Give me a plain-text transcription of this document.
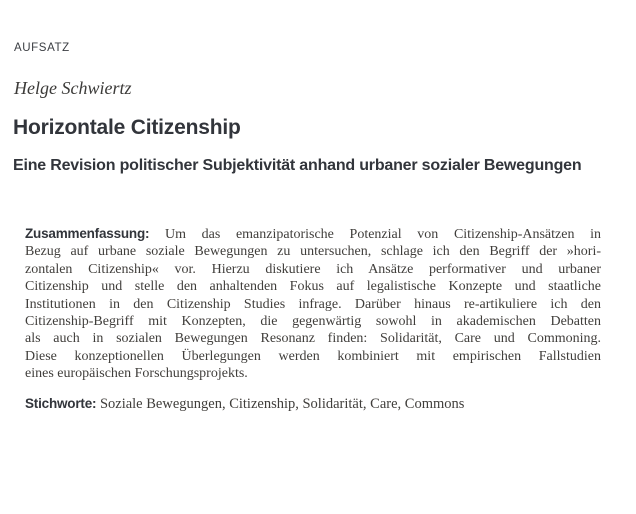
AUFSATZ
Helge Schwiertz
Horizontale Citizenship
Eine Revision politischer Subjektivität anhand urbaner sozialer Bewegungen
Zusammenfassung: Um das emanzipatorische Potenzial von Citizenship-Ansätzen in
Bezug auf urbane soziale Bewegungen zu untersuchen, schlage ich den Begriff der »hori-
zontalen Citizenship« vor. Hierzu diskutiere ich Ansätze performativer und urbaner
Citizenship und stelle den anhaltenden Fokus auf legalistische Konzepte und staatliche
Institutionen in den Citizenship Studies infrage. Darüber hinaus re-artikuliere ich den
Citizenship-Begriff mit Konzepten, die gegenwärtig sowohl in akademischen Debatten
als auch in sozialen Bewegungen Resonanz finden: Solidarität, Care und Commoning.
Diese konzeptionellen Überlegungen werden kombiniert mit empirischen Fallstudien
eines europäischen Forschungsprojekts.
Stichworte: Soziale Bewegungen, Citizenship, Solidarität, Care, Commons
